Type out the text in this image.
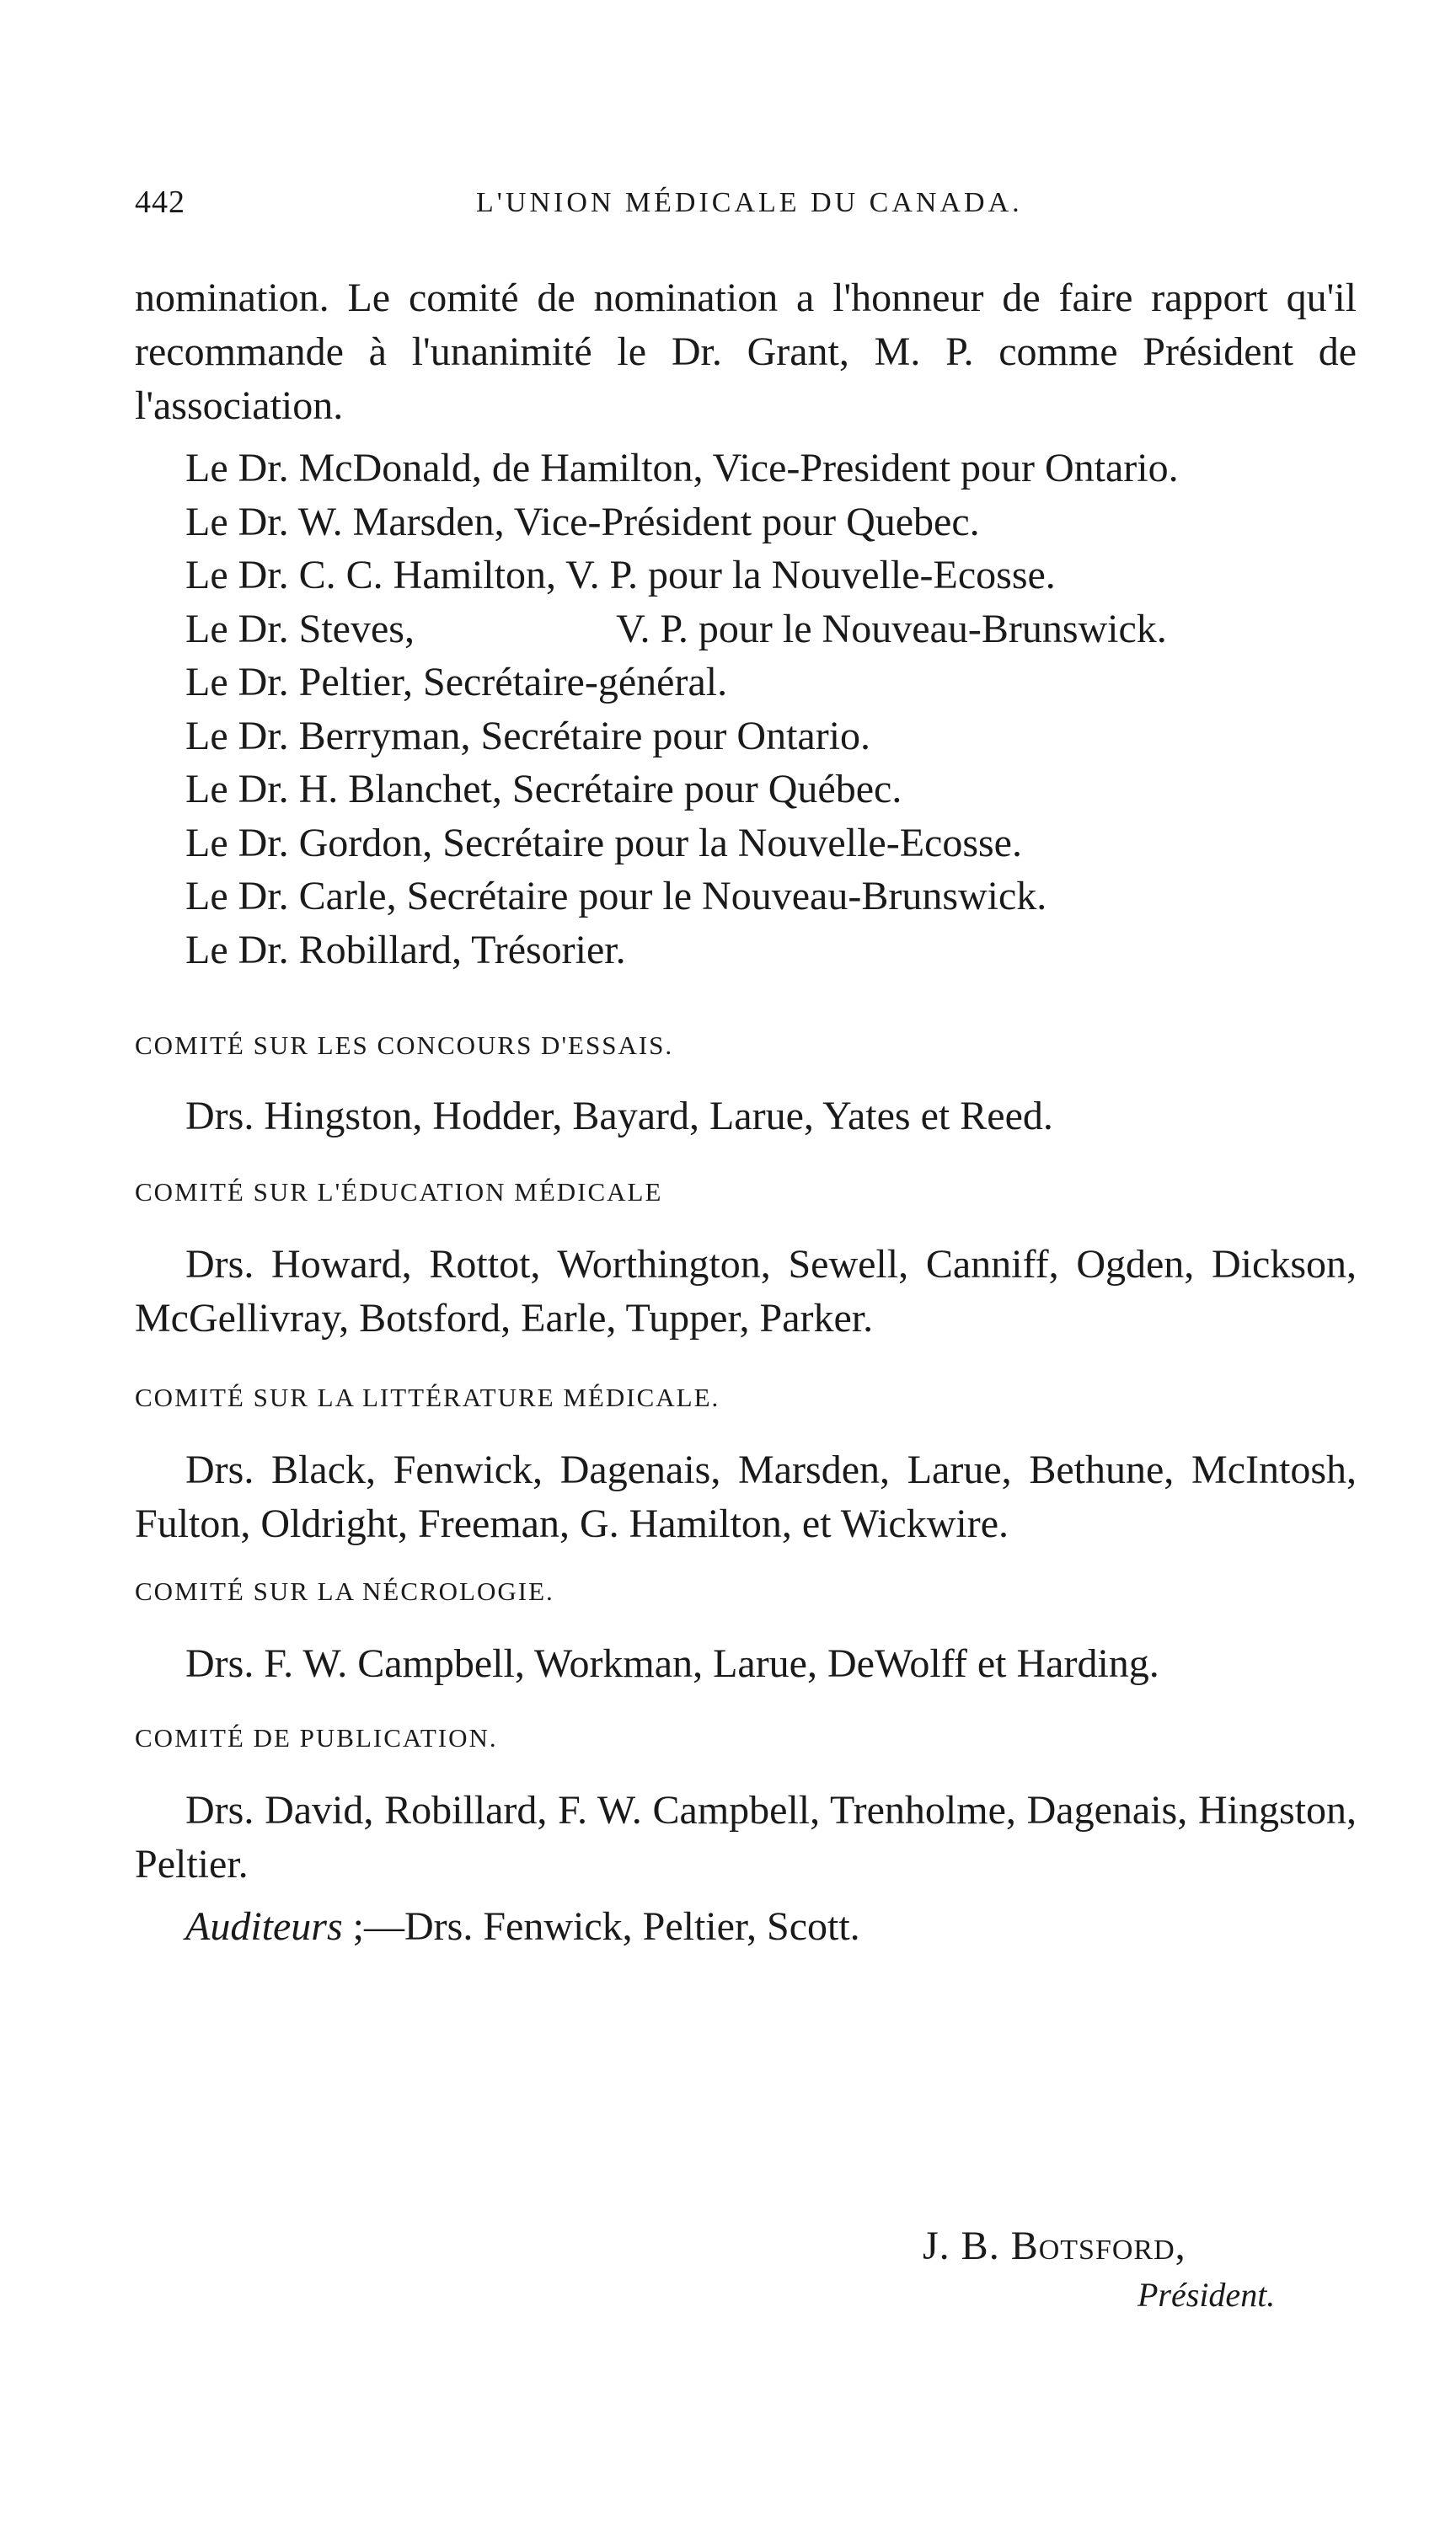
442	L'UNION MÉDICALE DU CANADA.

nomination. Le comité de nomination a l'honneur de faire rapport qu'il recommande à l'unanimité le Dr. Grant, M. P. comme Président de l'association.

Le Dr. McDonald, de Hamilton, Vice-President pour Ontario.
Le Dr. W. Marsden, Vice-Président pour Quebec.
Le Dr. C. C. Hamilton, V. P. pour la Nouvelle-Ecosse.
Le Dr. Steves,                    V. P. pour le Nouveau-Brunswick.
Le Dr. Peltier, Secrétaire-général.
Le Dr. Berryman, Secrétaire pour Ontario.
Le Dr. H. Blanchet, Secrétaire pour Québec.
Le Dr. Gordon, Secrétaire pour la Nouvelle-Ecosse.
Le Dr. Carle, Secrétaire pour le Nouveau-Brunswick.
Le Dr. Robillard, Trésorier.

COMITÉ SUR LES CONCOURS D'ESSAIS.

Drs. Hingston, Hodder, Bayard, Larue, Yates et Reed.

COMITÉ SUR L'ÉDUCATION MÉDICALE

Drs. Howard, Rottot, Worthington, Sewell, Canniff, Ogden, Dickson, McGellivray, Botsford, Earle, Tupper, Parker.

COMITÉ SUR LA LITTÉRATURE MÉDICALE.

Drs. Black, Fenwick, Dagenais, Marsden, Larue, Bethune, McIntosh, Fulton, Oldright, Freeman, G. Hamilton, et Wickwire.

COMITÉ SUR LA NÉCROLOGIE.

Drs. F. W. Campbell, Workman, Larue, DeWolff et Harding.

COMITÉ DE PUBLICATION.

Drs. David, Robillard, F. W. Campbell, Trenholme, Dagenais, Hingston, Peltier.

Auditeurs ;—Drs. Fenwick, Peltier, Scott.

J. B. Botsford,
Président.
